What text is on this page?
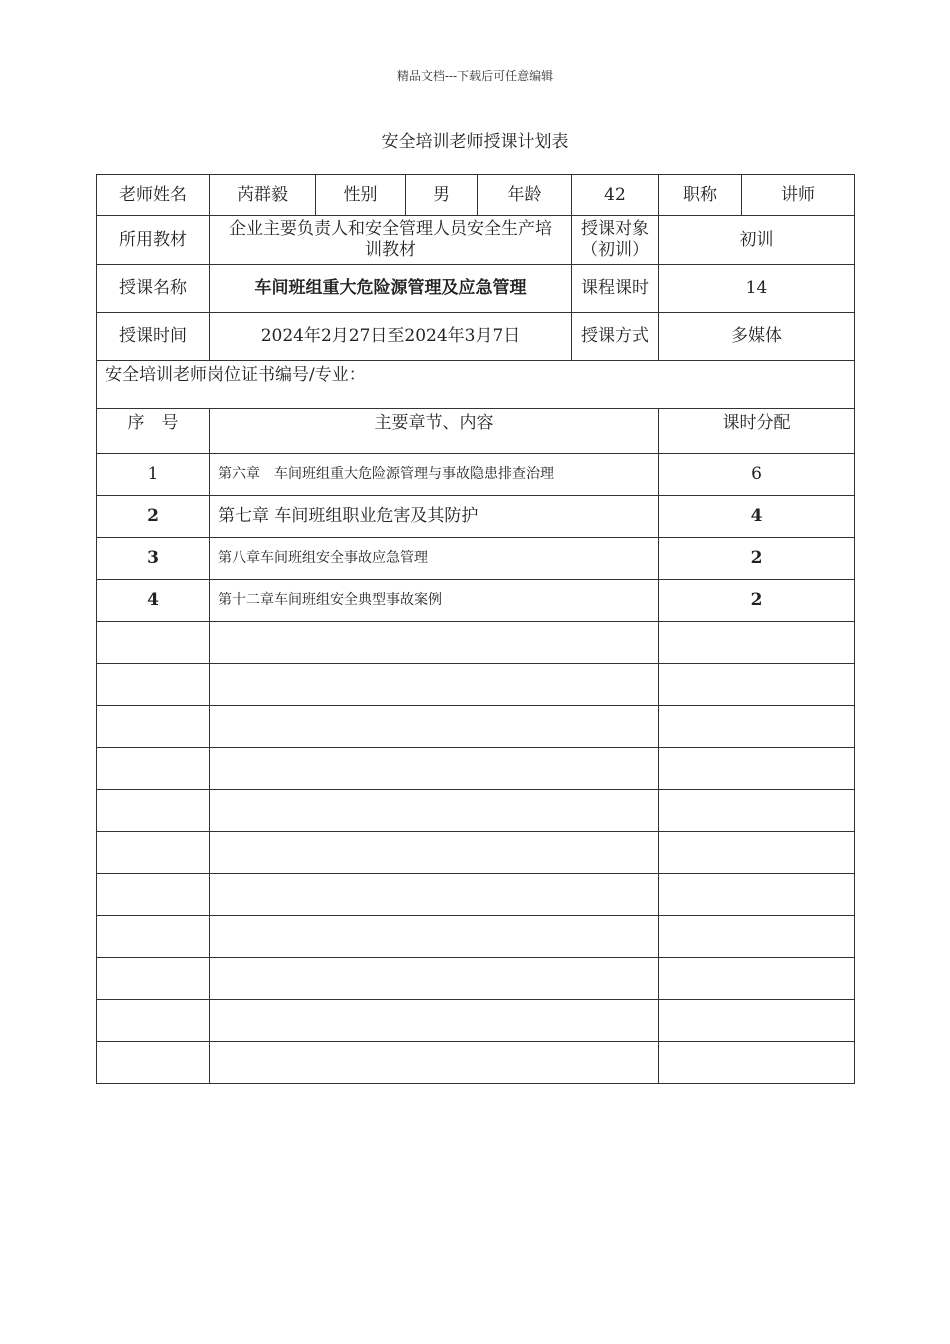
精品文档---下载后可任意编辑
安全培训老师授课计划表
老师姓名	芮群毅	性别	男	年龄	42	职称	讲师
所用教材	企业主要负责人和安全管理人员安全生产培训教材				授课对象（初训）	初训	
授课名称	车间班组重大危险源管理及应急管理				课程课时	14	
授课时间	2024年2月27日至2024年3月7日				授课方式	多媒体	
安全培训老师岗位证书编号/专业：							
序　号	主要章节、内容					课时分配	
1	第六章　车间班组重大危险源管理与事故隐患排查治理					6	
2	第七章 车间班组职业危害及其防护					4	
3	第八章车间班组安全事故应急管理					2	
4	第十二章车间班组安全典型事故案例					2	
